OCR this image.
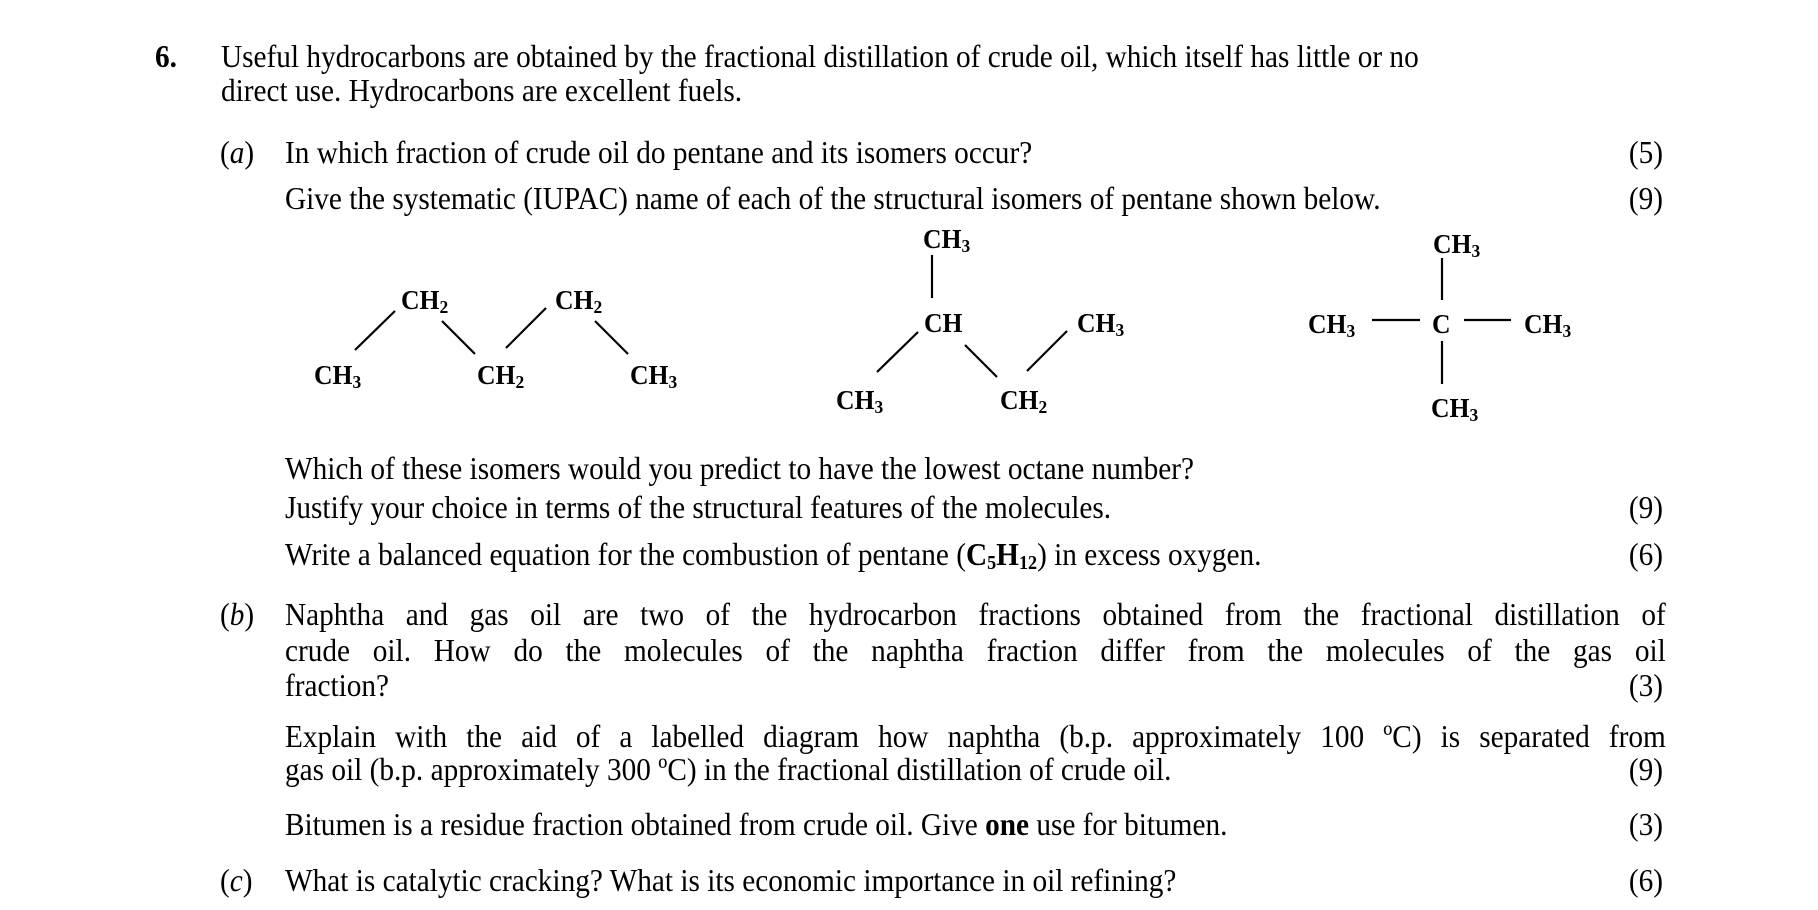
6. Useful hydrocarbons are obtained by the fractional distillation of crude oil, which itself has little or no
direct use. Hydrocarbons are excellent fuels.
(a) In which fraction of crude oil do pentane and its isomers occur?	(5)
Give the systematic (IUPAC) name of each of the structural isomers of pentane shown below.	(9)
$CH_3$
$CH_2$
$CH_2$
$CH_2$
$CH_3$
$CH_3$
CH
$CH_3$	$CH_2$
$CH_3$
$CH_3$
$CH_3$	C	$CH_3$
$CH_3$
Which of these isomers would you predict to have the lowest octane number?
Justify your choice in terms of the structural features of the molecules.	(9)
Write a balanced equation for the combustion of pentane $(C_5H_{12})$ in excess oxygen.	(6)
(b) Naphtha and gas oil are two of the hydrocarbon fractions obtained from the fractional distillation of
crude oil. How do the molecules of the naphtha fraction differ from the molecules of the gas oil
fraction?	(3)
Explain with the aid of a labelled diagram how naphtha (b.p. approximately 100 ºC) is separated from
gas oil (b.p. approximately 300 ºC) in the fractional distillation of crude oil.	(9)
Bitumen is a residue fraction obtained from crude oil. Give one use for bitumen.	(3)
(c) What is catalytic cracking? What is its economic importance in oil refining?	(6)
